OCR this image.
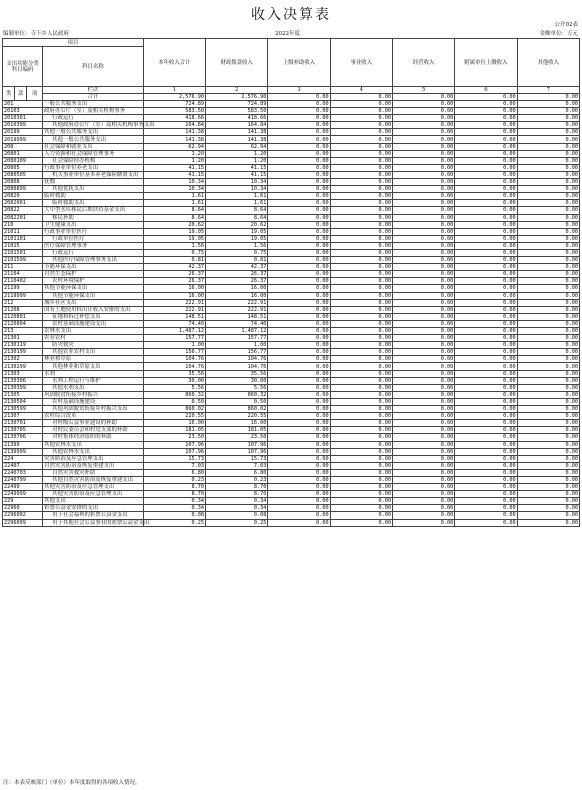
收入决算表
公开02表
编制单位：寺下乡人民政府	2022年度	金额单位：万元
项目				本年收入合计	财政拨款收入	上级补助收入	事业收入	经营收入	附属单位上缴收入	其他收入
支出功能分类科目编码			科目名称							

类	款	项	栏次	1	2	3	4	5	6	7
			合计	2,576.90	2,576.90	0.00	0.00	0.00	0.00	0.00
201			一般公共服务支出	724.89	724.89	0.00	0.00	0.00	0.00	0.00
20103			政府办公厅（室）及相关机构事务	583.50	583.50	0.00	0.00	0.00	0.00	0.00
2010301			行政运行	418.66	418.66	0.00	0.00	0.00	0.00	0.00
2010399			其他政府办公厅（室）及相关机构事务支出	164.84	164.84	0.00	0.00	0.00	0.00	0.00
20199			其他一般公共服务支出	141.38	141.38	0.00	0.00	0.00	0.00	0.00
2019999			其他一般公共服务支出	141.38	141.38	0.00	0.00	0.00	0.00	0.00
208			社会保障和就业支出	62.94	62.94	0.00	0.00	0.00	0.00	0.00
20801			人力资源和社会保障管理事务	1.20	1.20	0.00	0.00	0.00	0.00	0.00
2080109			社会保险经办机构	1.20	1.20	0.00	0.00	0.00	0.00	0.00
20805			行政事业单位养老支出	41.15	41.15	0.00	0.00	0.00	0.00	0.00
2080505			机关事业单位基本养老保险缴费支出	41.15	41.15	0.00	0.00	0.00	0.00	0.00
20808			抚恤	10.34	10.34	0.00	0.00	0.00	0.00	0.00
2080899			其他优抚支出	10.34	10.34	0.00	0.00	0.00	0.00	0.00
20820			临时救助	1.61	1.61	0.00	0.00	0.00	0.00	0.00
2082001			临时救助支出	1.61	1.61	0.00	0.00	0.00	0.00	0.00
20822			大中型水库移民后期扶持基金支出	8.64	8.64	0.00	0.00	0.00	0.00	0.00
2082201			移民补助	8.64	8.64	0.00	0.00	0.00	0.00	0.00
210			卫生健康支出	20.62	20.62	0.00	0.00	0.00	0.00	0.00
21011			行政事业单位医疗	19.05	19.05	0.00	0.00	0.00	0.00	0.00
2101101			行政单位医疗	19.05	19.05	0.00	0.00	0.00	0.00	0.00
21015			医疗保障管理事务	1.56	1.56	0.00	0.00	0.00	0.00	0.00
2101501			行政运行	0.75	0.75	0.00	0.00	0.00	0.00	0.00
2101599			其他医疗保障管理事务支出	0.81	0.81	0.00	0.00	0.00	0.00	0.00
211			节能环保支出	42.37	42.37	0.00	0.00	0.00	0.00	0.00
21104			自然生态保护	26.37	26.37	0.00	0.00	0.00	0.00	0.00
2110402			农村环境保护	26.37	26.37	0.00	0.00	0.00	0.00	0.00
21199			其他节能环保支出	16.00	16.00	0.00	0.00	0.00	0.00	0.00
2119999			其他节能环保支出	16.00	16.00	0.00	0.00	0.00	0.00	0.00
212			城乡社区支出	222.91	222.91	0.00	0.00	0.00	0.00	0.00
21208			国有土地使用权出让收入安排的支出	222.91	222.91	0.00	0.00	0.00	0.00	0.00
2120801			征地和拆迁补偿支出	148.51	148.51	0.00	0.00	0.00	0.00	0.00
2120804			农村基础设施建设支出	74.40	74.40	0.00	0.00	0.00	0.00	0.00
213			农林水支出	1,487.12	1,487.12	0.00	0.00	0.00	0.00	0.00
21301			农业农村	157.77	157.77	0.00	0.00	0.00	0.00	0.00
2130119			防灾救灾	1.00	1.00	0.00	0.00	0.00	0.00	0.00
2130199			其他农业农村支出	156.77	156.77	0.00	0.00	0.00	0.00	0.00
21302			林业和草原	104.76	104.76	0.00	0.00	0.00	0.00	0.00
2130299			其他林业和草原支出	104.76	104.76	0.00	0.00	0.00	0.00	0.00
21303			水利	35.56	35.56	0.00	0.00	0.00	0.00	0.00
2130306			水利工程运行与维护	30.00	30.00	0.00	0.00	0.00	0.00	0.00
2130399			其他水利支出	5.56	5.56	0.00	0.00	0.00	0.00	0.00
21305			巩固脱贫衔接乡村振兴	860.32	860.32	0.00	0.00	0.00	0.00	0.00
2130504			农村基础设施建设	0.50	0.50	0.00	0.00	0.00	0.00	0.00
2130599			其他巩固脱贫衔接乡村振兴支出	860.02	860.02	0.00	0.00	0.00	0.00	0.00
21307			农村综合改革	220.55	220.55	0.00	0.00	0.00	0.00	0.00
2130701			对村级公益事业建设的补助	16.00	16.00	0.00	0.00	0.00	0.00	0.00
2130705			对村民委员会和村党支部的补助	181.05	181.05	0.00	0.00	0.00	0.00	0.00
2130706			对村集体经济组织的补助	23.50	23.50	0.00	0.00	0.00	0.00	0.00
21399			其他农林水支出	107.96	107.96	0.00	0.00	0.00	0.00	0.00
2139999			其他农林水支出	107.96	107.96	0.00	0.00	0.00	0.00	0.00
224			灾害防治及应急管理支出	15.73	15.73	0.00	0.00	0.00	0.00	0.00
22407			自然灾害防治及恢复重建支出	7.03	7.03	0.00	0.00	0.00	0.00	0.00
2240703			自然灾害救灾补助	6.80	6.80	0.00	0.00	0.00	0.00	0.00
2240799			其他自然灾害防治及恢复重建支出	0.23	0.23	0.00	0.00	0.00	0.00	0.00
22499			其他灾害防治及应急管理支出	8.70	8.70	0.00	0.00	0.00	0.00	0.00
2249999			其他灾害防治及应急管理支出	8.70	8.70	0.00	0.00	0.00	0.00	0.00
229			其他支出	0.34	0.34	0.00	0.00	0.00	0.00	0.00
22960			彩票公益金安排的支出	0.34	0.34	0.00	0.00	0.00	0.00	0.00
2296002			用于社会福利的彩票公益金支出	0.08	0.08	0.00	0.00	0.00	0.00	0.00
2296099			用于其他社会公益事业的彩票公益金支出	0.25	0.25	0.00	0.00	0.00	0.00	0.00
注：本表反映部门（单位）本年度取得的各项收入情况。
